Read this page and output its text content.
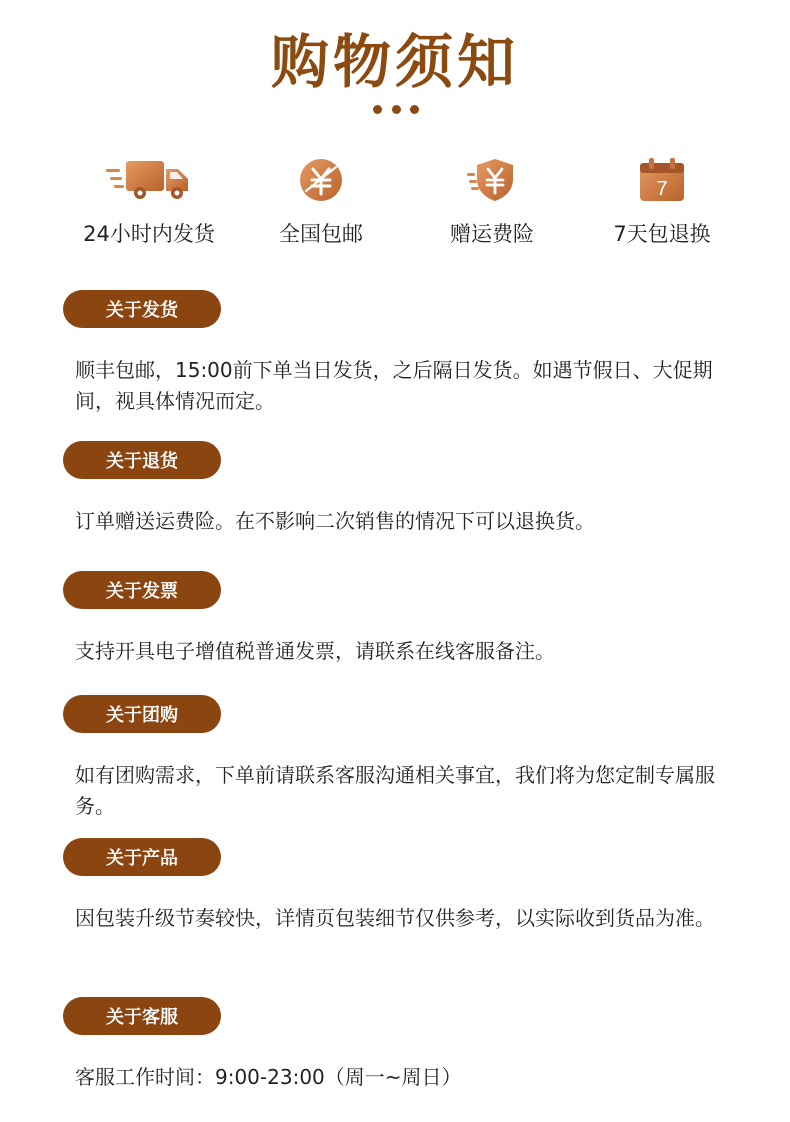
购物须知
24小时内发货	全国包邮	赠运费险
7
7天包退换
关于发货
顺丰包邮，15:00前下单当日发货，之后隔日发货。如遇节假日、大促期间，视具体情况而定。
关于退货
订单赠送运费险。在不影响二次销售的情况下可以退换货。
关于发票
支持开具电子增值税普通发票，请联系在线客服备注。
关于团购
如有团购需求，下单前请联系客服沟通相关事宜，我们将为您定制专属服务。
关于产品
因包装升级节奏较快，详情页包装细节仅供参考，以实际收到货品为准。
关于客服
客服工作时间：9:00-23:00（周一~周日）
